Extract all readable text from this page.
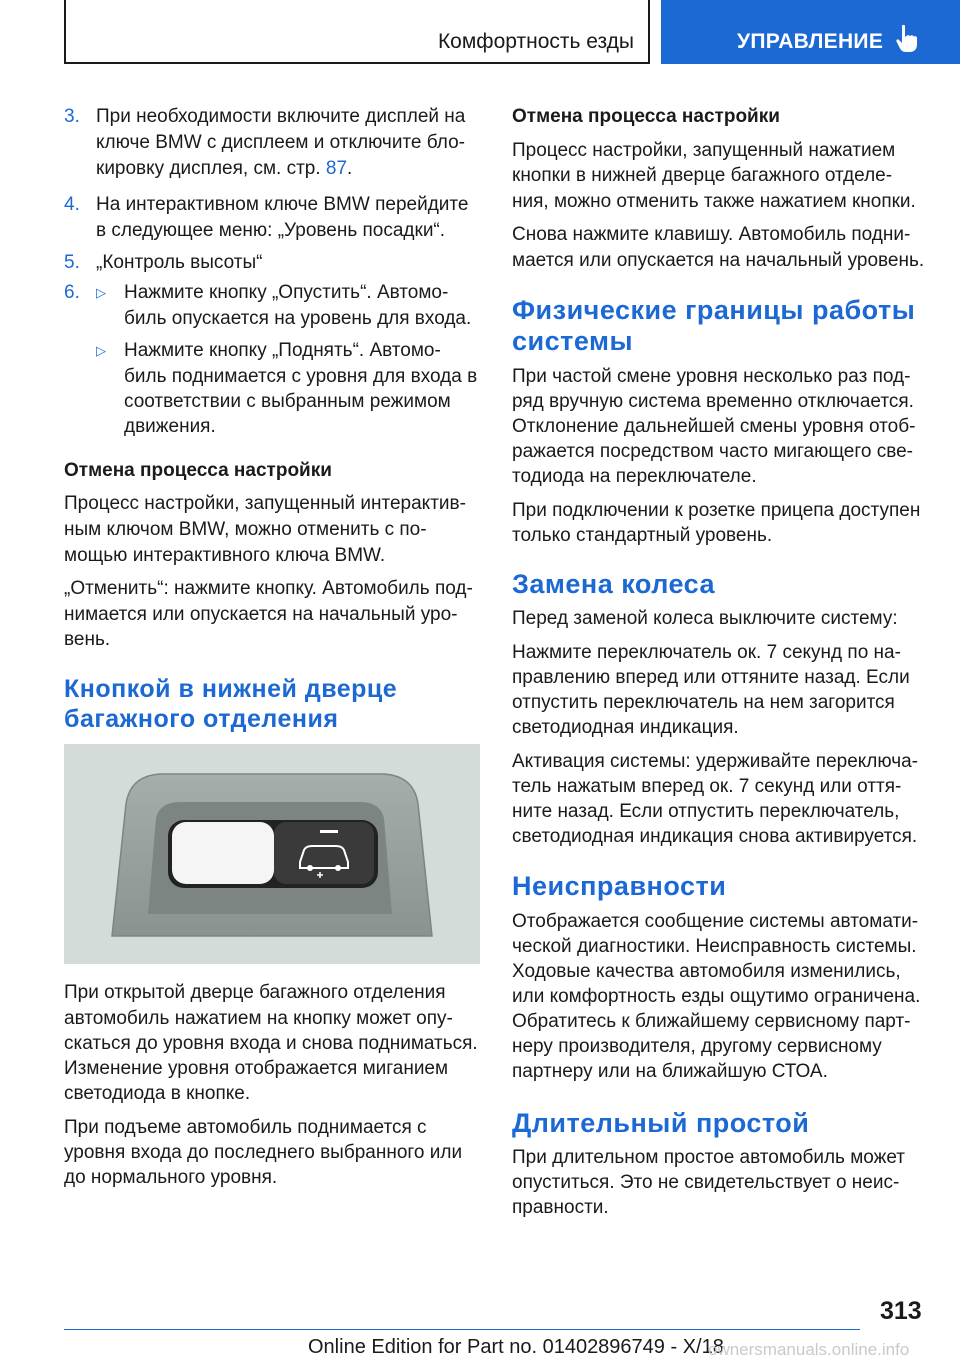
Комфортность езды	УПРАВЛЕНИЕ
3. При необходимости включите дисплей на

ключе BMW с дисплеем и отключите бло-

кировку дисплея, см. стр. 87.

4. На интерактивном ключе BMW перейдите

в следующее меню: „Уровень посадки“.

5. „Контроль высоты“

6. ▷ Нажмите кнопку „Опустить“. Автомо-

биль опускается на уровень для входа.

▷ Нажмите кнопку „Поднять“. Автомо-

биль поднимается с уровня для входа в

соответствии с выбранным режимом

движения.

Отмена процесса настройки

Процесс настройки, запущенный интерактив-

ным ключом BMW, можно отменить с по-

мощью интерактивного ключа BMW.

„Отменить“: нажмите кнопку. Автомобиль под-

нимается или опускается на начальный уро-

вень.

Кнопкой в нижней дверце

багажного отделения

При открытой дверце багажного отделения

автомобиль нажатием на кнопку может опу-

скаться до уровня входа и снова подниматься.

Изменение уровня отображается миганием

светодиода в кнопке.

При подъеме автомобиль поднимается с

уровня входа до последнего выбранного или

до нормального уровня.

Отмена процесса настройки

Процесс настройки, запущенный нажатием

кнопки в нижней дверце багажного отделе-

ния, можно отменить также нажатием кнопки.

Снова нажмите клавишу. Автомобиль подни-

мается или опускается на начальный уровень.

Физические границы работы

системы

При частой смене уровня несколько раз под-

ряд вручную система временно отключается.

Отклонение дальнейшей смены уровня отоб-

ражается посредством часто мигающего све-

тодиода на переключателе.

При подключении к розетке прицепа доступен

только стандартный уровень.

Замена колеса

Перед заменой колеса выключите систему:

Нажмите переключатель ок. 7 секунд по на-

правлению вперед или оттяните назад. Если

отпустить переключатель на нем загорится

светодиодная индикация.

Активация системы: удерживайте переключа-

тель нажатым вперед ок. 7 секунд или оття-

ните назад. Если отпустить переключатель,

светодиодная индикация снова активируется.

Неисправности

Отображается сообщение системы автомати-

ческой диагностики. Неисправность системы.

Ходовые качества автомобиля изменились,

или комфортность езды ощутимо ограничена.

Обратитесь к ближайшему сервисному парт-

неру производителя, другому сервисному

партнеру или на ближайшую СТОА.

Длительный простой

При длительном простое автомобиль может

опуститься. Это не свидетельствует о неис-

правности.

313
Online Edition for Part no. 01402896749 - X/18
ownersmanuals.online.info
